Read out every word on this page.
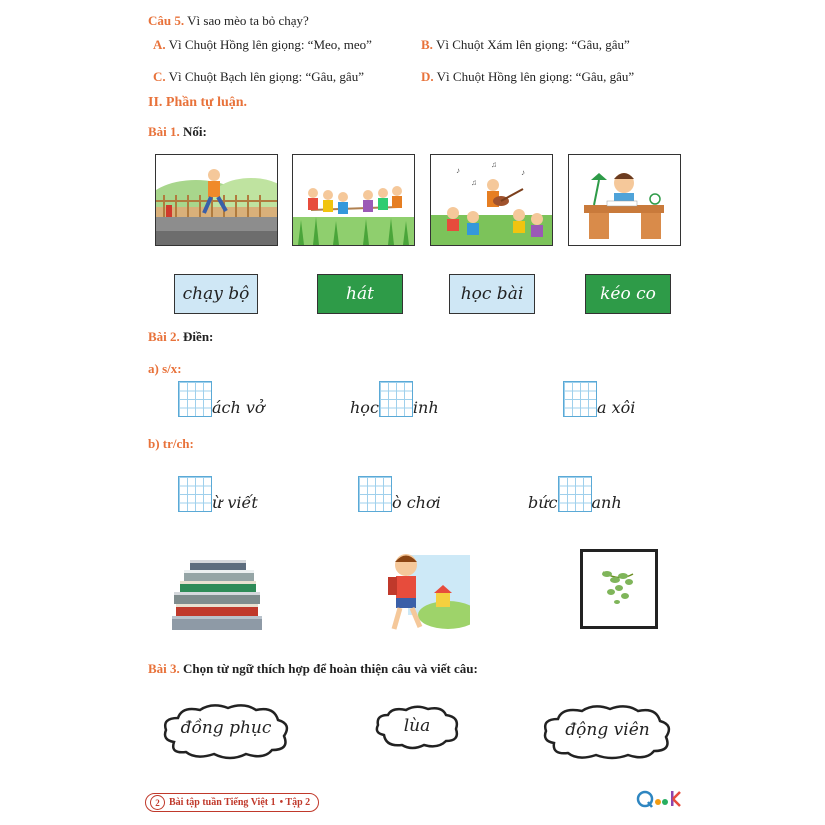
Câu 5. Vì sao mèo ta bỏ chạy?
A. Vì Chuột Hồng lên giọng: “Meo, meo”	B. Vì Chuột Xám lên giọng: “Gâu, gâu”
C. Vì Chuột Bạch lên giọng: “Gâu, gâu”	D. Vì Chuột Hồng lên giọng: “Gâu, gâu”
II. Phần tự luận.
Bài 1. Nối:
♪
♫
♪
♫
chạy bộ	hát	học bài	kéo co
Bài 2. Điền:
a) s/x:
ách vở	học inh	a xôi
b) tr/ch:
ừ viết	ò chơi	bức anh
Bài 3. Chọn từ ngữ thích hợp để hoàn thiện câu và viết câu:
đồng phục	lùa	động viên
2 Bài tập tuần Tiếng Việt 1 • Tập 2
